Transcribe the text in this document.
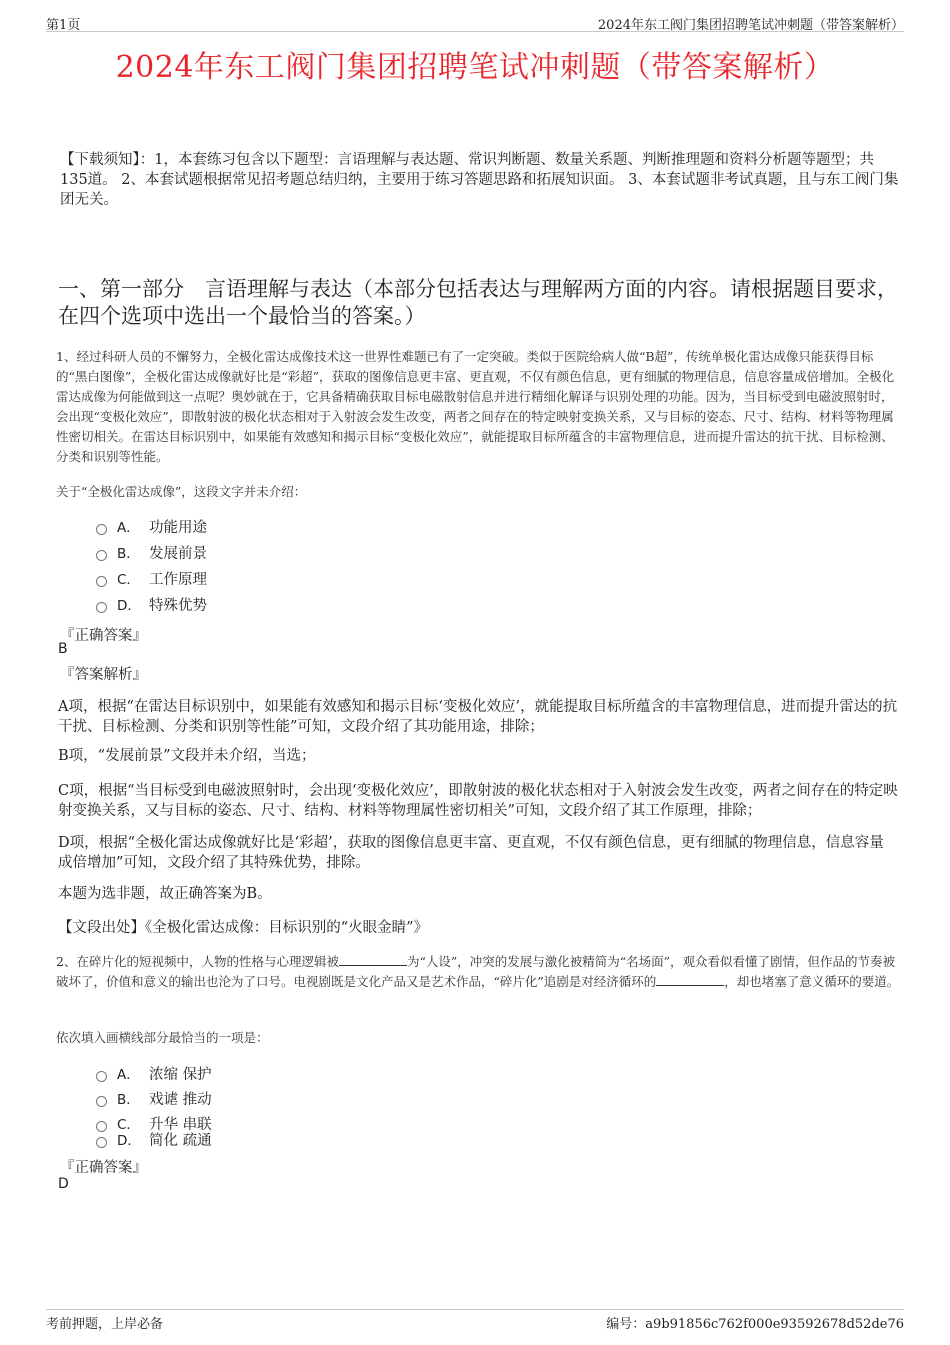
第1页	2024年东工阀门集团招聘笔试冲刺题（带答案解析）
2024年东工阀门集团招聘笔试冲刺题（带答案解析）
【下载须知】：1，本套练习包含以下题型：言语理解与表达题、常识判断题、数量关系题、判断推理题和资料分析题等题型；共135道。 2、本套试题根据常见招考题总结归纳，主要用于练习答题思路和拓展知识面。 3、本套试题非考试真题，且与东工阀门集团无关。
一、第一部分　言语理解与表达（本部分包括表达与理解两方面的内容。请根据题目要求，在四个选项中选出一个最恰当的答案。）
1、经过科研人员的不懈努力，全极化雷达成像技术这一世界性难题已有了一定突破。类似于医院给病人做“B超”，传统单极化雷达成像只能获得目标的“黑白图像”，全极化雷达成像就好比是“彩超”，获取的图像信息更丰富、更直观，不仅有颜色信息，更有细腻的物理信息，信息容量成倍增加。全极化雷达成像为何能做到这一点呢？奥妙就在于，它具备精确获取目标电磁散射信息并进行精细化解译与识别处理的功能。因为，当目标受到电磁波照射时，会出现“变极化效应”，即散射波的极化状态相对于入射波会发生改变，两者之间存在的特定映射变换关系，又与目标的姿态、尺寸、结构、材料等物理属性密切相关。在雷达目标识别中，如果能有效感知和揭示目标“变极化效应”，就能提取目标所蕴含的丰富物理信息，进而提升雷达的抗干扰、目标检测、分类和识别等性能。
关于“全极化雷达成像”，这段文字并未介绍：
A． 功能用途
B． 发展前景
C． 工作原理
D． 特殊优势
『正确答案』
B
『答案解析』
A项，根据“在雷达目标识别中，如果能有效感知和揭示目标‘变极化效应’，就能提取目标所蕴含的丰富物理信息，进而提升雷达的抗干扰、目标检测、分类和识别等性能”可知，文段介绍了其功能用途，排除；
B项，“发展前景”文段并未介绍，当选；
C项，根据“当目标受到电磁波照射时，会出现‘变极化效应’，即散射波的极化状态相对于入射波会发生改变，两者之间存在的特定映射变换关系，又与目标的姿态、尺寸、结构、材料等物理属性密切相关”可知，文段介绍了其工作原理，排除；
D项，根据“全极化雷达成像就好比是‘彩超’，获取的图像信息更丰富、更直观，不仅有颜色信息，更有细腻的物理信息，信息容量成倍增加”可知，文段介绍了其特殊优势，排除。
本题为选非题，故正确答案为B。
【文段出处】《全极化雷达成像：目标识别的“火眼金睛”》
2、在碎片化的短视频中，人物的性格与心理逻辑被	为“人设”，冲突的发展与激化被精简为“名场面”，观众看似看懂了剧情，但作品的节奏被破坏了，价值和意义的输出也沦为了口号。电视剧既是文化产品又是艺术作品，“碎片化”追剧是对经济循环的	，却也堵塞了意义循环的要道。
依次填入画横线部分最恰当的一项是：
A． 浓缩 保护
B． 戏谑 推动
C． 升华 串联
D． 简化 疏通
『正确答案』
D
考前押题，上岸必备	编号：a9b91856c762f000e93592678d52de76
